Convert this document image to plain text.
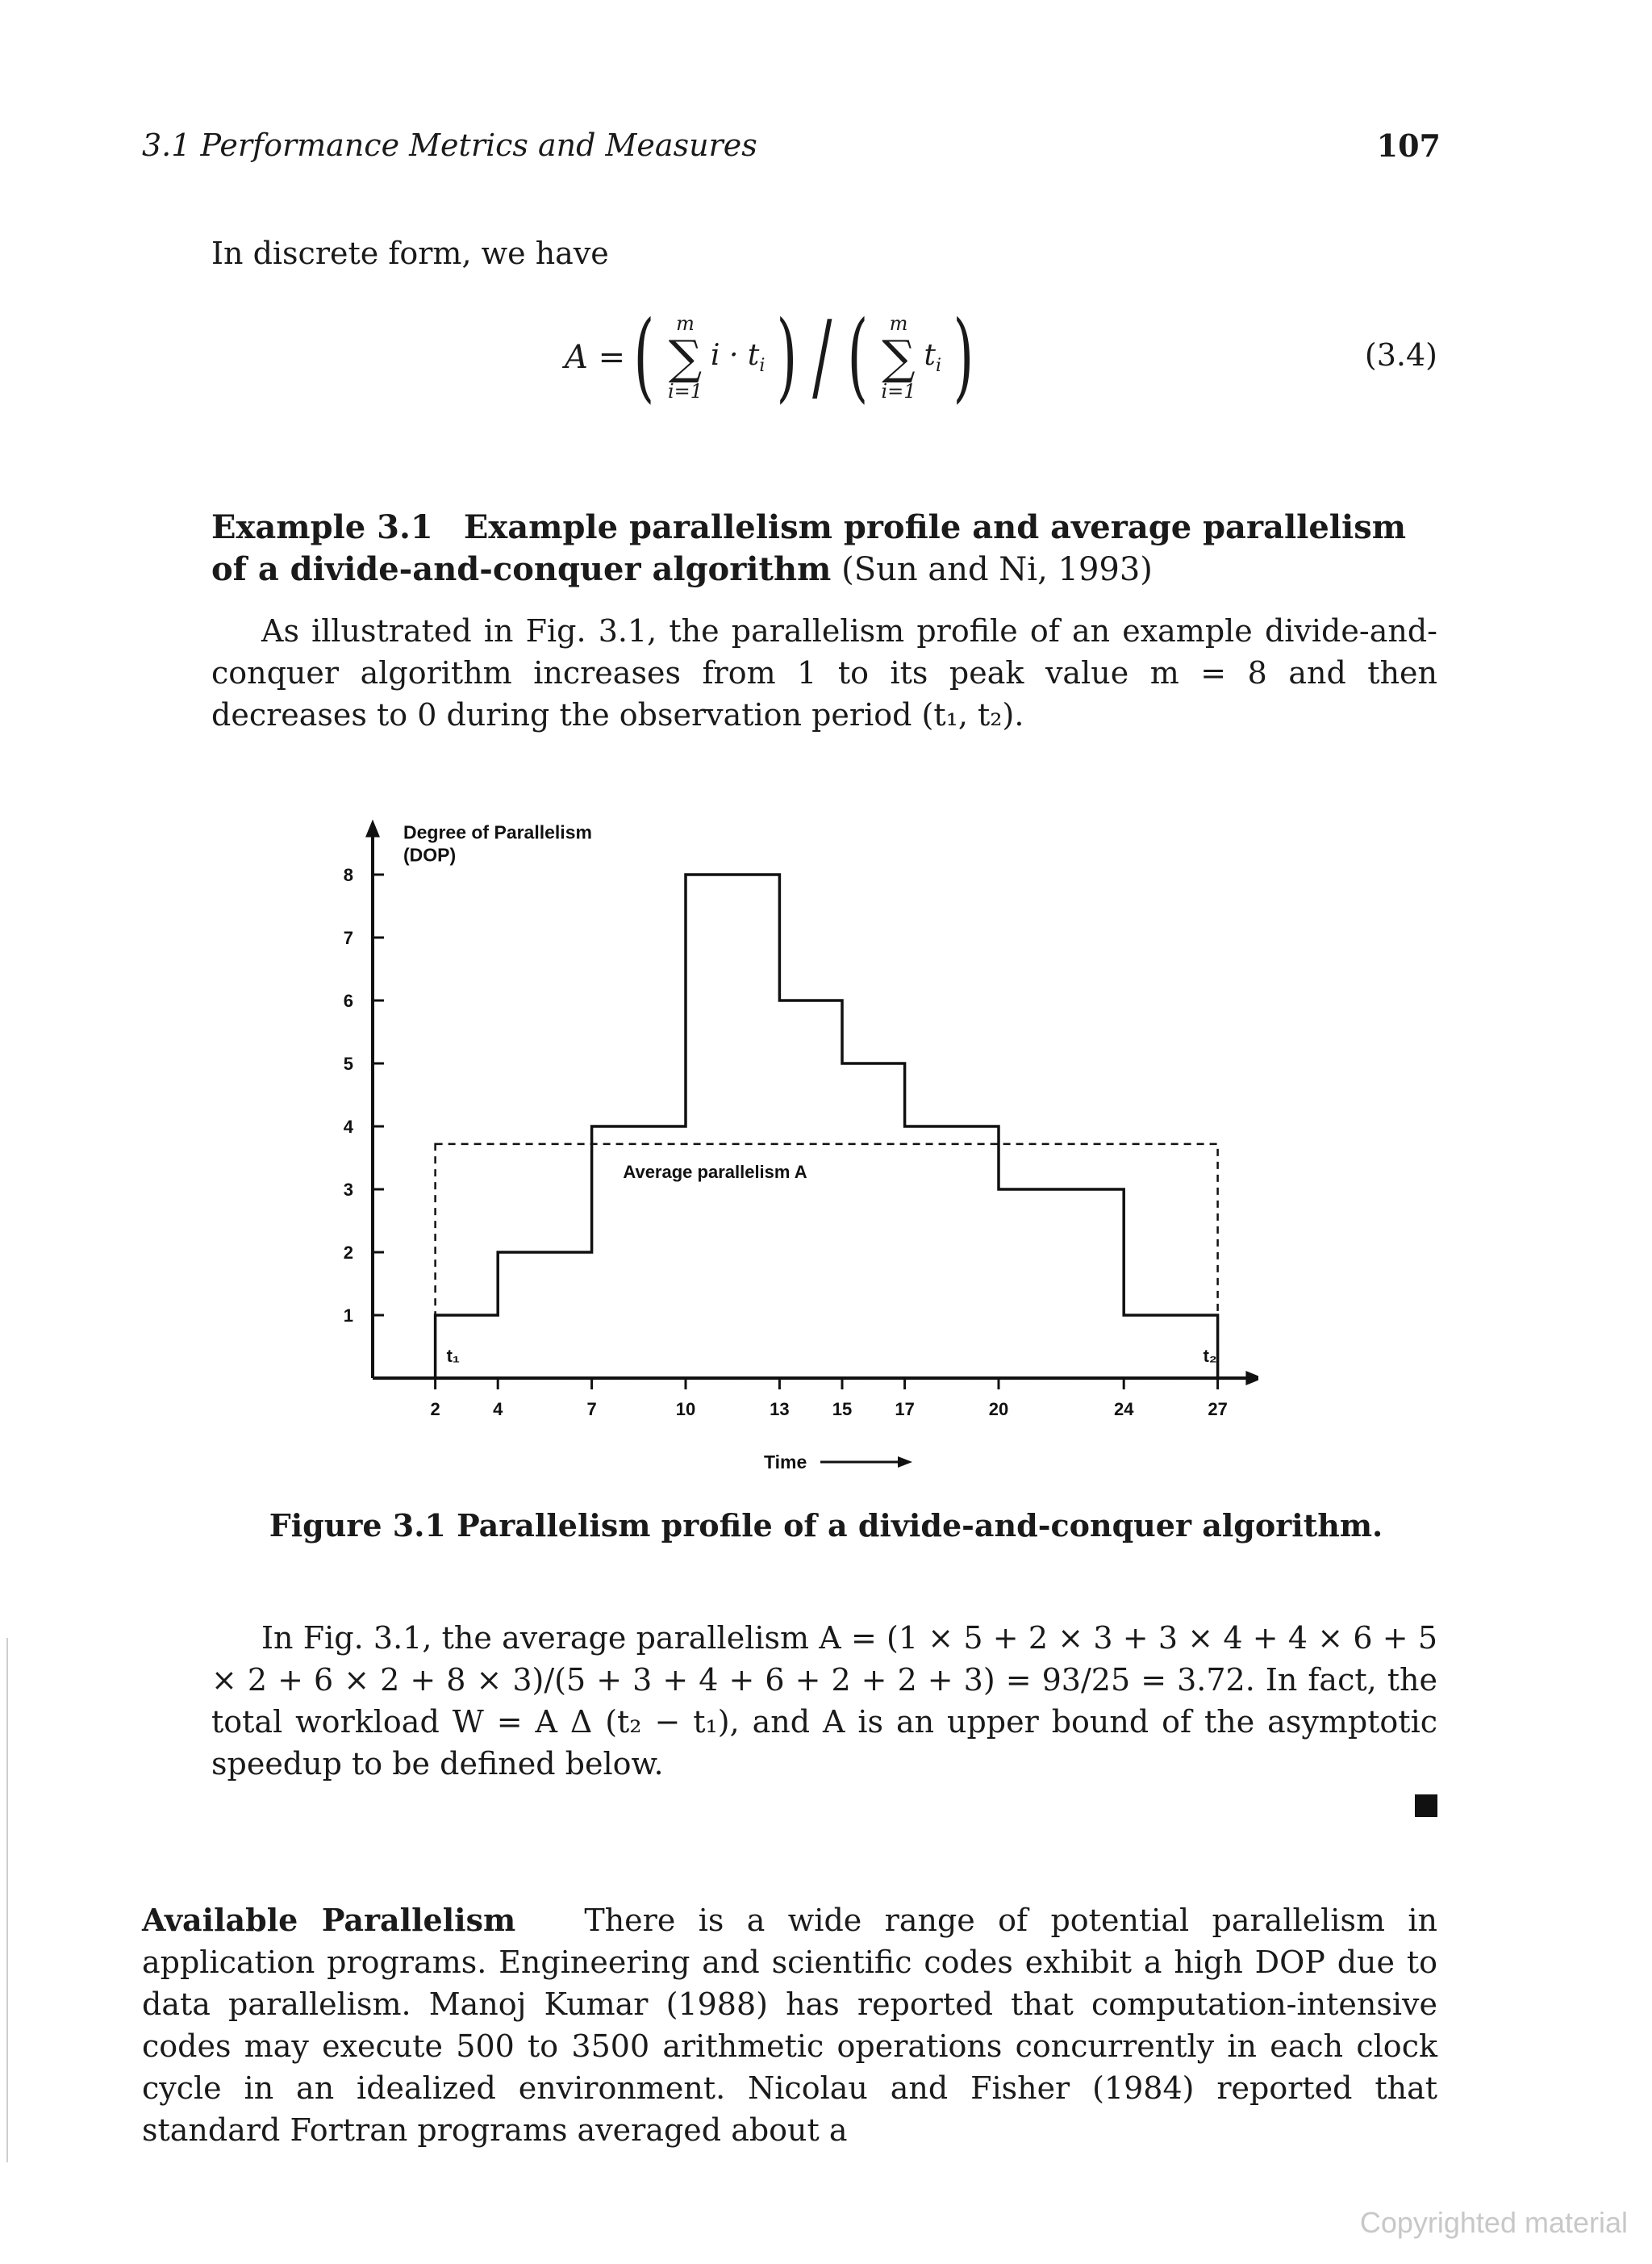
3.1 Performance Metrics and Measures	107
In discrete form, we have
A = ( m
∑
i=1
$i \cdot t_i$ ) / ( m
∑
i=1
$t_i$ )	(3.4)
Example 3.1 Example parallelism profile and average parallelism of a divide-and-conquer algorithm (Sun and Ni, 1993)
As illustrated in Fig. 3.1, the parallelism profile of an example divide-and-conquer algorithm increases from 1 to its peak value m = 8 and then decreases to 0 during the observation period (t₁, t₂).
1
2
3
4
5
6
7
8
2	4	7	10	13 15 17	20	24	27
Degree of Parallelism
(DOP)
Time
Average parallelism A
t₁	t₂
Figure 3.1 Parallelism profile of a divide-and-conquer algorithm.
In Fig. 3.1, the average parallelism A = (1 × 5 + 2 × 3 + 3 × 4 + 4 × 6 + 5 × 2 + 6 × 2 + 8 × 3)/(5 + 3 + 4 + 6 + 2 + 2 + 3) = 93/25 = 3.72. In fact, the total workload W = A Δ (t₂ − t₁), and A is an upper bound of the asymptotic speedup to be defined below.
Available Parallelism There is a wide range of potential parallelism in application programs. Engineering and scientific codes exhibit a high DOP due to data parallelism. Manoj Kumar (1988) has reported that computation-intensive codes may execute 500 to 3500 arithmetic operations concurrently in each clock cycle in an idealized environment. Nicolau and Fisher (1984) reported that standard Fortran programs averaged about a
Copyrighted material
